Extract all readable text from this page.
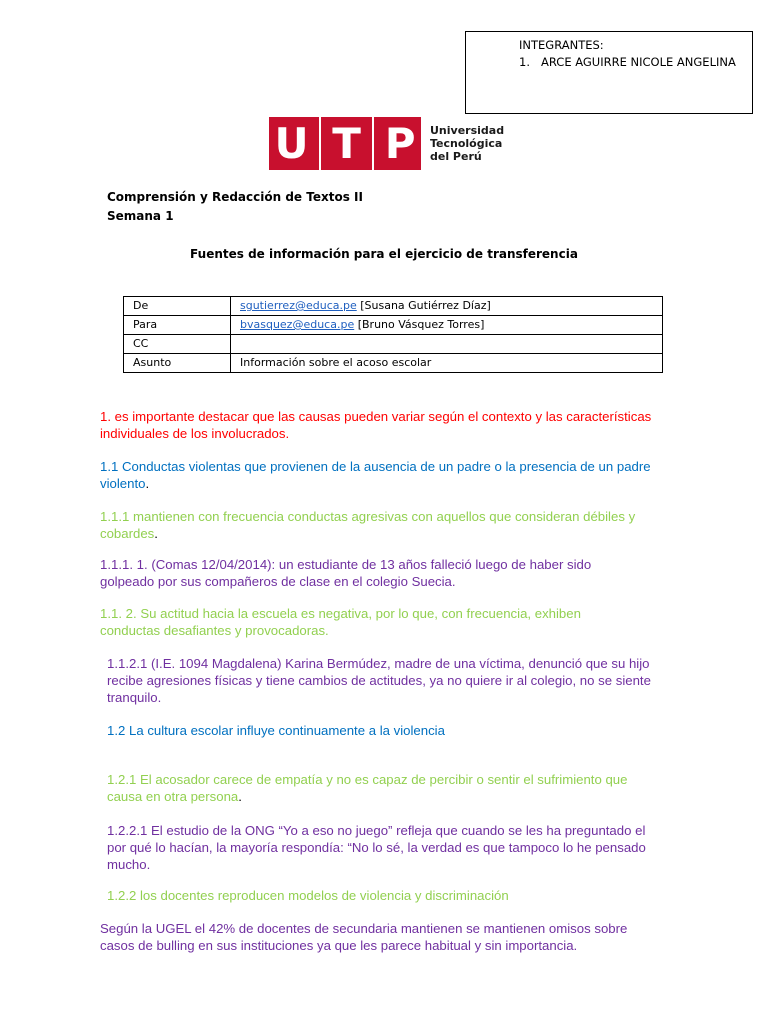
INTEGRANTES:
1. ARCE AGUIRRE NICOLE ANGELINA
U T P Universidad
Tecnológica
del Perú
Comprensión y Redacción de Textos II
Semana 1
Fuentes de información para el ejercicio de transferencia
De	sgutierrez@educa.pe [Susana Gutiérrez Díaz]
Para	bvasquez@educa.pe [Bruno Vásquez Torres]
CC	
Asunto	Información sobre el acoso escolar
1. es importante destacar que las causas pueden variar según el contexto y las características individuales de los involucrados.
1.1 Conductas violentas que provienen de la ausencia de un padre o la presencia de un padre violento.
1.1.1 mantienen con frecuencia conductas agresivas con aquellos que consideran débiles y cobardes.
1.1.1. 1. (Comas 12/04/2014): un estudiante de 13 años falleció luego de haber sido golpeado por sus compañeros de clase en el colegio Suecia.
1.1. 2. Su actitud hacia la escuela es negativa, por lo que, con frecuencia, exhiben conductas desafiantes y provocadoras.
1.1.2.1 (I.E. 1094 Magdalena) Karina Bermúdez, madre de una víctima, denunció que su hijo recibe agresiones físicas y tiene cambios de actitudes, ya no quiere ir al colegio, no se siente tranquilo.
1.2 La cultura escolar influye continuamente a la violencia
1.2.1 El acosador carece de empatía y no es capaz de percibir o sentir el sufrimiento que causa en otra persona.
1.2.2.1 El estudio de la ONG “Yo a eso no juego” refleja que cuando se les ha preguntado el por qué lo hacían, la mayoría respondía: “No lo sé, la verdad es que tampoco lo he pensado mucho.
1.2.2 los docentes reproducen modelos de violencia y discriminación
Según la UGEL el 42% de docentes de secundaria mantienen se mantienen omisos sobre casos de bulling en sus instituciones ya que les parece habitual y sin importancia.
